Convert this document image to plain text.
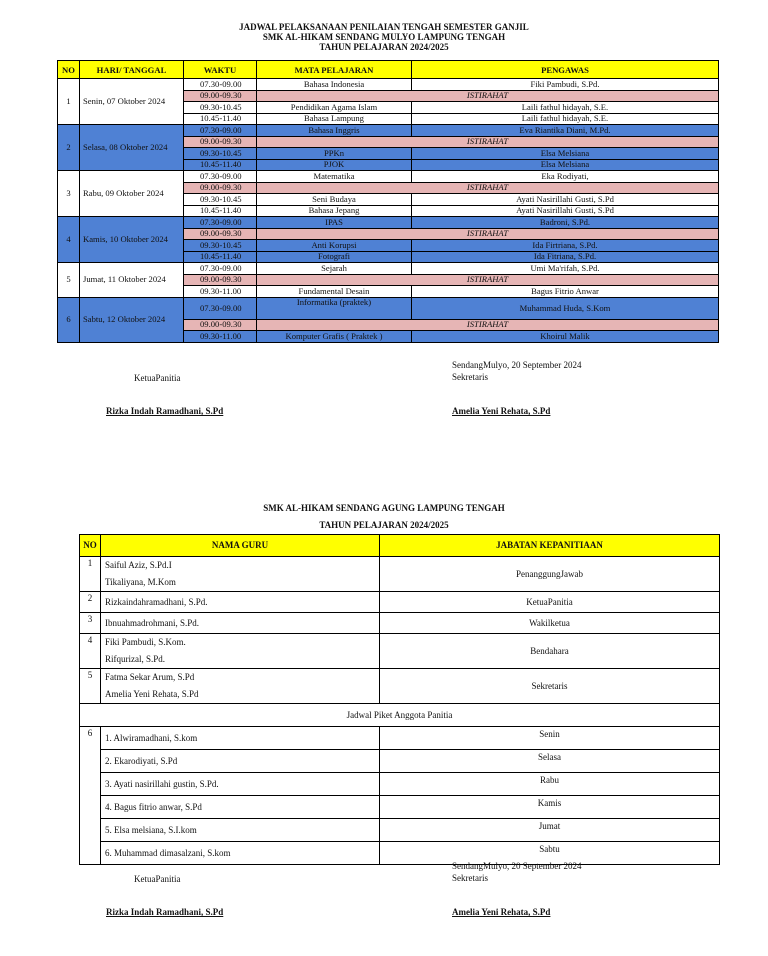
JADWAL PELAKSANAAN PENILAIAN TENGAH SEMESTER GANJIL
SMK AL-HIKAM SENDANG MULYO LAMPUNG TENGAH
TAHUN PELAJARAN 2024/2025
NO	HARI/ TANGGAL	WAKTU	MATA PELAJARAN	PENGAWAS
1	Senin, 07 Oktober 2024	07.30-09.00	Bahasa Indonesia	Fiki Pambudi, S.Pd.
		09.00-09.30	ISTIRAHAT	
		09.30-10.45	Pendidikan Agama Islam	Laili fathul hidayah, S.E.
		10.45-11.40	Bahasa Lampung	Laili fathul hidayah, S.E.
2	Selasa, 08 Oktober 2024	07.30-09.00	Bahasa Inggris	Eva Riantika Diani, M.Pd.
		09.00-09.30	ISTIRAHAT	
		09.30-10.45	PPKn	Elsa Melsiana
		10.45-11.40	PJOK	Elsa Melsiana
3	Rabu, 09 Oktober 2024	07.30-09.00	Matematika	Eka Rodiyati,
		09.00-09.30	ISTIRAHAT	
		09.30-10.45	Seni Budaya	Ayati Nasirillahi Gusti, S.Pd
		10.45-11.40	Bahasa Jepang	Ayati Nasirillahi Gusti, S.Pd
4	Kamis, 10 Oktober 2024	07.30-09.00	IPAS	Badroni, S.Pd.
		09.00-09.30	ISTIRAHAT	
		09.30-10.45	Anti Korupsi	Ida Firtriana, S.Pd.
		10.45-11.40	Fotografi	Ida Fitriana, S.Pd.
5	Jumat, 11 Oktober 2024	07.30-09.00	Sejarah	Umi Ma'rifah, S.Pd.
		09.00-09.30	ISTIRAHAT	
		09.30-11.00	Fundamental Desain	Bagus Fitrio Anwar
6	Sabtu, 12 Oktober 2024	07.30-09.00	Informatika (praktek)	Muhammad Huda, S.Kom
		09.00-09.30	ISTIRAHAT	
		09.30-11.00	Komputer Grafis ( Praktek )	Khoirul Malik
SendangMulyo, 20 September 2024
KetuaPanitia	Sekretaris
Rizka Indah Ramadhani, S.Pd	Amelia Yeni Rehata, S.Pd
SMK AL-HIKAM SENDANG AGUNG LAMPUNG TENGAH
TAHUN PELAJARAN 2024/2025
NO	NAMA GURU	JABATAN KEPANITIAAN
1	Saiful Aziz, S.Pd.I
Tikaliyana, M.Kom	PenanggungJawab
2	Rizkaindahramadhani, S.Pd.	KetuaPanitia
3	Ibnuahmadrohmani, S.Pd.	Wakilketua
4	Fiki Pambudi, S.Kom.
Rifqurizal, S.Pd.	Bendahara
5	Fatma Sekar Arum, S.Pd
Amelia Yeni Rehata, S.Pd	Sekretaris
Jadwal Piket Anggota Panitia		
6	1. Alwiramadhani, S.kom	Senin
	2. Ekarodiyati, S.Pd	Selasa
	3. Ayati nasirillahi gustin, S.Pd.	Rabu
	4. Bagus fitrio anwar, S.Pd	Kamis
	5. Elsa melsiana, S.I.kom	Jumat
	6. Muhammad dimasalzani, S.kom	Sabtu
SendangMulyo, 20 September 2024
KetuaPanitia	Sekretaris
Rizka Indah Ramadhani, S.Pd	Amelia Yeni Rehata, S.Pd
